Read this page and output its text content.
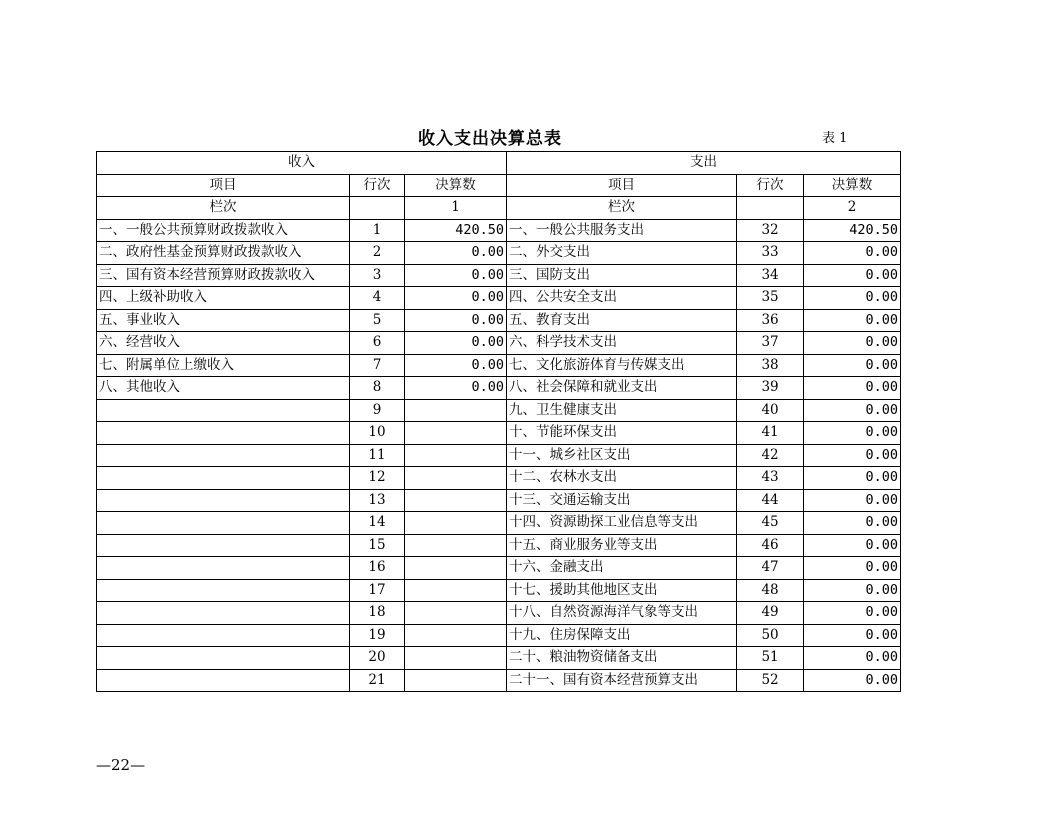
收入支出决算总表	表 1
收入			支出		
项目	行次	决算数	项目	行次	决算数
栏次		1	栏次		2
一、一般公共预算财政拨款收入	1	420.50	一、一般公共服务支出	32	420.50
二、政府性基金预算财政拨款收入	2	0.00	二、外交支出	33	0.00
三、国有资本经营预算财政拨款收入	3	0.00	三、国防支出	34	0.00
四、上级补助收入	4	0.00	四、公共安全支出	35	0.00
五、事业收入	5	0.00	五、教育支出	36	0.00
六、经营收入	6	0.00	六、科学技术支出	37	0.00
七、附属单位上缴收入	7	0.00	七、文化旅游体育与传媒支出	38	0.00
八、其他收入	8	0.00	八、社会保障和就业支出	39	0.00
	9		九、卫生健康支出	40	0.00
	10		十、节能环保支出	41	0.00
	11		十一、城乡社区支出	42	0.00
	12		十二、农林水支出	43	0.00
	13		十三、交通运输支出	44	0.00
	14		十四、资源勘探工业信息等支出	45	0.00
	15		十五、商业服务业等支出	46	0.00
	16		十六、金融支出	47	0.00
	17		十七、援助其他地区支出	48	0.00
	18		十八、自然资源海洋气象等支出	49	0.00
	19		十九、住房保障支出	50	0.00
	20		二十、粮油物资储备支出	51	0.00
	21		二十一、国有资本经营预算支出	52	0.00
—22—
